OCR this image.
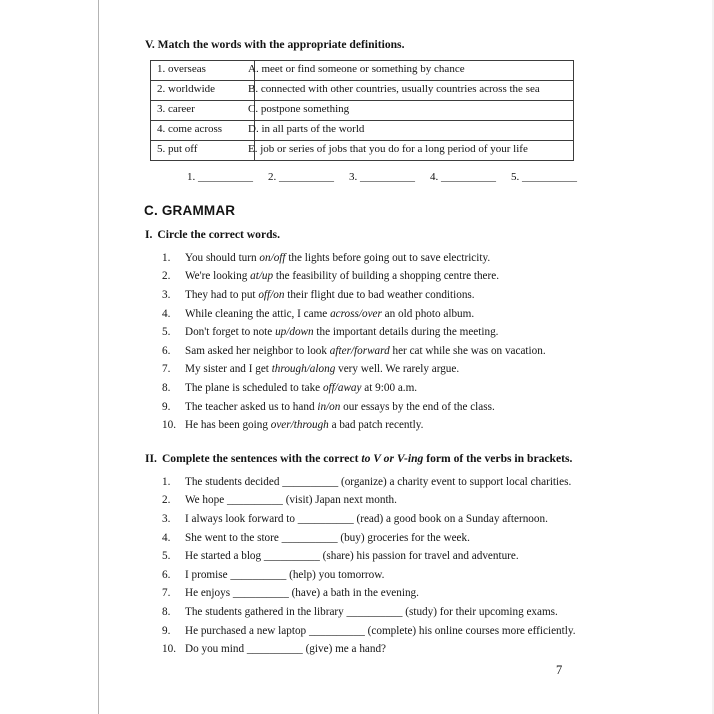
V. Match the words with the appropriate definitions.
1. overseas	A. meet or find someone or something by chance
2. worldwide	B. connected with other countries, usually countries across the sea
3. career	C. postpone something
4. come across	D. in all parts of the world
5. put off	E. job or series of jobs that you do for a long period of your life
1. __________ 2. __________ 3. __________ 4. __________ 5. __________
C. GRAMMAR
I. Circle the correct words.
1.	You should turn on/off the lights before going out to save electricity.
2.	We're looking at/up the feasibility of building a shopping centre there.
3.	They had to put off/on their flight due to bad weather conditions.
4.	While cleaning the attic, I came across/over an old photo album.
5.	Don't forget to note up/down the important details during the meeting.
6.	Sam asked her neighbor to look after/forward her cat while she was on vacation.
7.	My sister and I get through/along very well. We rarely argue.
8.	The plane is scheduled to take off/away at 9:00 a.m.
9.	The teacher asked us to hand in/on our essays by the end of the class.
10. He has been going over/through a bad patch recently.
II. Complete the sentences with the correct to V or V-ing form of the verbs in brackets.
1.	The students decided __________ (organize) a charity event to support local charities.
2.	We hope __________ (visit) Japan next month.
3.	I always look forward to __________ (read) a good book on a Sunday afternoon.
4.	She went to the store __________ (buy) groceries for the week.
5.	He started a blog __________ (share) his passion for travel and adventure.
6.	I promise __________ (help) you tomorrow.
7.	He enjoys __________ (have) a bath in the evening.
8.	The students gathered in the library __________ (study) for their upcoming exams.
9.	He purchased a new laptop __________ (complete) his online courses more efficiently.
10. Do you mind __________ (give) me a hand?
7
